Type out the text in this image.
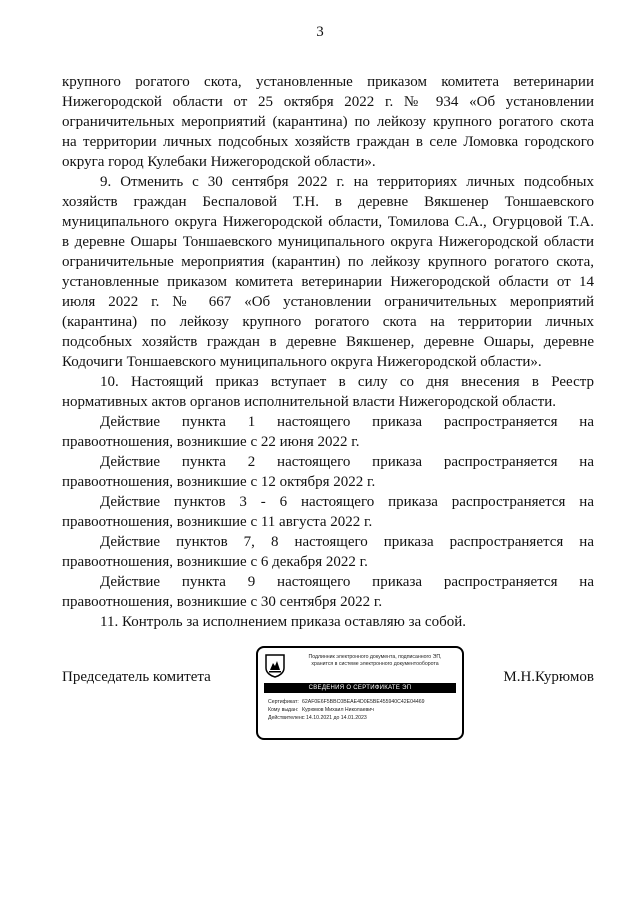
3
крупного рогатого скота, установленные приказом комитета ветеринарии
Нижегородской области от 25 октября 2022 г. № 934 «Об установлении
ограничительных мероприятий (карантина) по лейкозу крупного рогатого скота
на территории личных подсобных хозяйств граждан в селе Ломовка городского
округа город Кулебаки Нижегородской области».
9. Отменить с 30 сентября 2022 г. на территориях личных подсобных
хозяйств граждан Беспаловой Т.Н. в деревне Вякшенер Тоншаевского
муниципального округа Нижегородской области, Томилова С.А., Огурцовой Т.А.
в деревне Ошары Тоншаевского муниципального округа Нижегородской области
ограничительные мероприятия (карантин) по лейкозу крупного рогатого скота,
установленные приказом комитета ветеринарии Нижегородской области от 14
июля 2022 г. № 667 «Об установлении ограничительных мероприятий
(карантина) по лейкозу крупного рогатого скота на территории личных
подсобных хозяйств граждан в деревне Вякшенер, деревне Ошары, деревне
Кодочиги Тоншаевского муниципального округа Нижегородской области».
10. Настоящий приказ вступает в силу со дня внесения в Реестр
нормативных актов органов исполнительной власти Нижегородской области.
Действие пункта 1 настоящего приказа распространяется на
правоотношения, возникшие с 22 июня 2022 г.
Действие пункта 2 настоящего приказа распространяется на
правоотношения, возникшие с 12 октября 2022 г.
Действие пунктов 3 - 6 настоящего приказа распространяется на
правоотношения, возникшие с 11 августа 2022 г.
Действие пунктов 7, 8 настоящего приказа распространяется на
правоотношения, возникшие с 6 декабря 2022 г.
Действие пункта 9 настоящего приказа распространяется на
правоотношения, возникшие с 30 сентября 2022 г.
11. Контроль за исполнением приказа оставляю за собой.
Председатель комитета	М.Н.Курюмов
Подлинник электронного документа, подписанного ЭП,
хранится в системе электронного документооборота
СВЕДЕНИЯ О СЕРТИФИКАТЕ ЭП
Сертификат: 62AF0E6F5BBC0BEAE4D0E5BE455940C42E04469
Кому выдан: Курюмов Михаил Николаевич
Действителен:с 14.10.2021 до 14.01.2023
